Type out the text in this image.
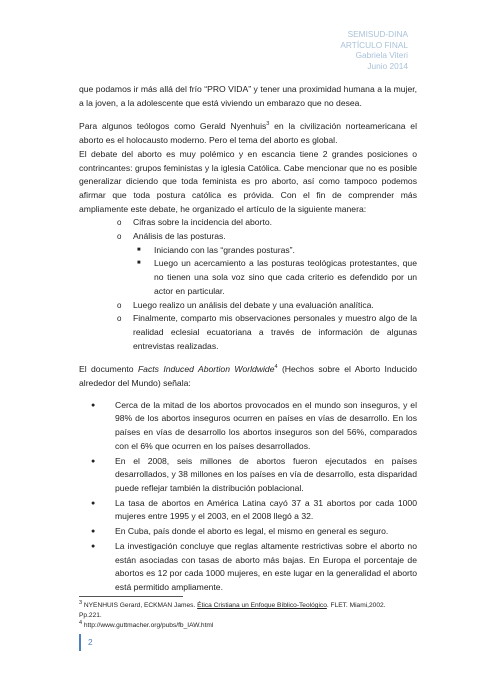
SEMISUD-DINA
ARTÍCULO FINAL
Gabriela Viteri
Junio 2014

que podamos ir más allá del frío “PRO VIDA” y tener una proximidad humana a la mujer, a la joven, a la adolescente que está viviendo un embarazo que no desea.

Para algunos teólogos como Gerald Nyenhuis$^3$ en la civilización norteamericana el aborto es el holocausto moderno. Pero el tema del aborto es global.

El debate del aborto es muy polémico y en escancia tiene 2 grandes posiciones o contrincantes: grupos feministas y la iglesia Católica. Cabe mencionar que no es posible generalizar diciendo que toda feminista es pro aborto, así como tampoco podemos afirmar que toda postura católica es próvida. Con el fin de comprender más ampliamente este debate, he organizado el artículo de la siguiente manera:

o Cifras sobre la incidencia del aborto.
o Análisis de las posturas.
■ Iniciando con las “grandes posturas”.
■ Luego un acercamiento a las posturas teológicas protestantes, que no tienen una sola voz sino que cada criterio es defendido por un actor en particular.
o Luego realizo un análisis del debate y una evaluación analítica.
o Finalmente, comparto mis observaciones personales y muestro algo de la realidad eclesial ecuatoriana a través de información de algunas entrevistas realizadas.

El documento Facts Induced Abortion Worldwide$^4$ (Hechos sobre el Aborto Inducido alrededor del Mundo) señala:

● Cerca de la mitad de los abortos provocados en el mundo son inseguros, y el 98% de los abortos inseguros ocurren en países en vías de desarrollo. En los países en vías de desarrollo los abortos inseguros son del 56%, comparados con el 6% que ocurren en los países desarrollados.
● En el 2008, seis millones de abortos fueron ejecutados en países desarrollados, y 38 millones en los países en vía de desarrollo, esta disparidad puede reflejar también la distribución poblacional.
● La tasa de abortos en América Latina cayó 37 a 31 abortos por cada 1000 mujeres entre 1995 y el 2003, en el 2008 llegó a 32.
● En Cuba, país donde el aborto es legal, el mismo en general es seguro.
● La investigación concluye que reglas altamente restrictivas sobre el aborto no están asociadas con tasas de aborto más bajas. En Europa el porcentaje de abortos es 12 por cada 1000 mujeres, en este lugar en la generalidad el aborto está permitido ampliamente.
$^3$ NYENHUIS Gerard, ECKMAN James. Ética Cristiana un Enfoque Bíblico-Teológico. FLET. Miami,2002. Pp.221.
$^4$ http://www.guttmacher.org/pubs/fb_IAW.html
2
